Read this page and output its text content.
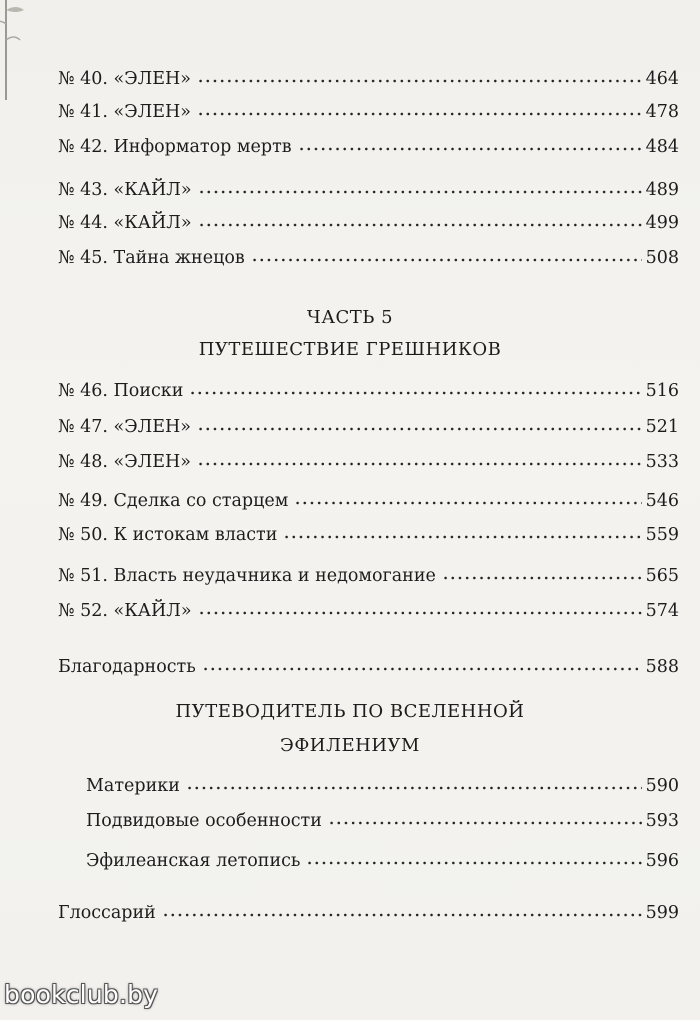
№ 40. «ЭЛЕН»	464
№ 41. «ЭЛЕН»	478
№ 42. Информатор мертв	484
№ 43. «КАЙЛ»	489
№ 44. «КАЙЛ»	499
№ 45. Тайна жнецов	508
ЧАСТЬ 5
ПУТЕШЕСТВИЕ ГРЕШНИКОВ
№ 46. Поиски	516
№ 47. «ЭЛЕН»	521
№ 48. «ЭЛЕН»	533
№ 49. Сделка со старцем	546
№ 50. К истокам власти	559
№ 51. Власть неудачника и недомогание	565
№ 52. «КАЙЛ»	574
Благодарность	588
ПУТЕВОДИТЕЛЬ ПО ВСЕЛЕННОЙ
ЭФИЛЕНИУМ
Материки	590
Подвидовые особенности	593
Эфилеанская летопись	596
Глоссарий	599
bookclub.by
